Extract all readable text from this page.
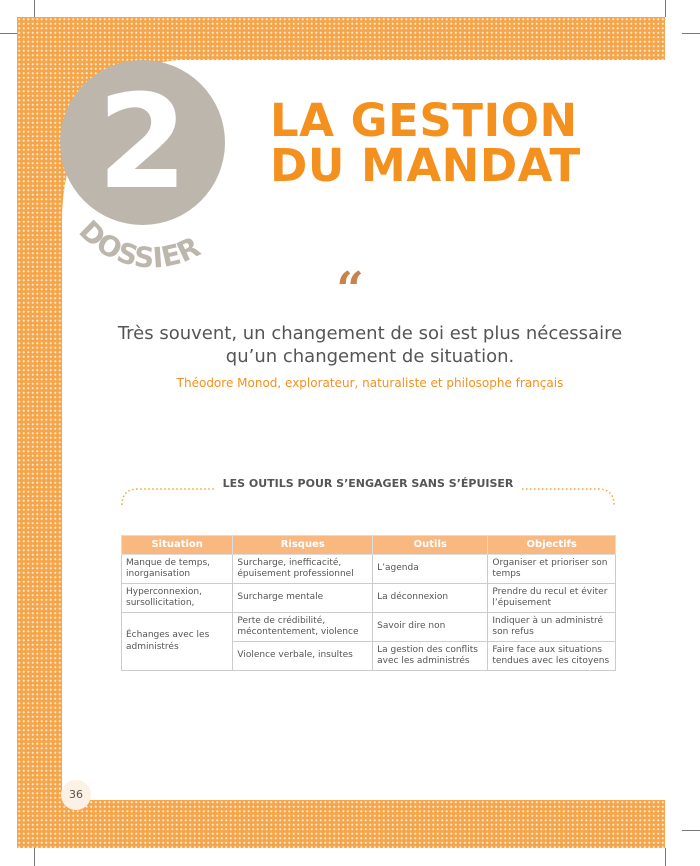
2
DOSSIER
LA GESTION
DU MANDAT
“
Très souvent, un changement de soi est plus nécessaire qu’un changement de situation.
Théodore Monod, explorateur, naturaliste et philosophe français
LES OUTILS POUR S’ENGAGER SANS S’ÉPUISER
Situation	Risques	Outils	Objectifs
Manque de temps, inorganisation	Surcharge, inefficacité, épuisement professionnel	L’agenda	Organiser et prioriser son temps
Hyperconnexion, sursollicitation,	Surcharge mentale	La déconnexion	Prendre du recul et éviter l’épuisement
Échanges avec les administrés	Perte de crédibilité, mécontentement, violence	Savoir dire non	Indiquer à un administré son refus
	Violence verbale, insultes	La gestion des conflits avec les administrés	Faire face aux situations tendues avec les citoyens
36
